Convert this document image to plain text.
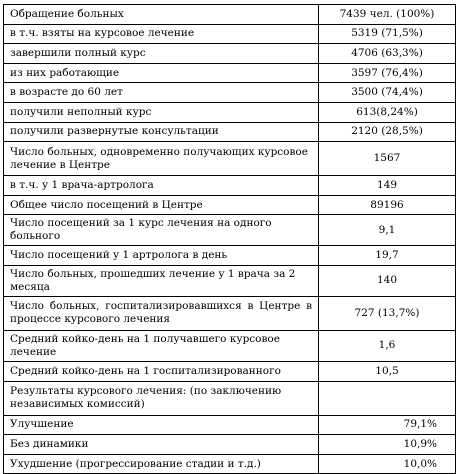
Обращение больных	7439 чел. (100%)
в т.ч. взяты на курсовое лечение	5319 (71,5%)
завершили полный курс	4706 (63,3%)
из них работающие	3597 (76,4%)
в возрасте до 60 лет	3500 (74,4%)
получили неполный курс	613(8,24%)
получили развернутые консультации	2120 (28,5%)
Число больных, одновременно получающих курсовое лечение в Центре	1567
в т.ч. у 1 врача-артролога	149
Общее число посещений в Центре	89196
Число посещений за 1 курс лечения на одного больного	9,1
Число посещений у 1 артролога в день	19,7
Число больных, прошедших лечение у 1 врача за 2 месяца	140
Число больных, госпитализировавшихся в Центре в процессе курсового лечения	727 (13,7%)
Средний койко-день на 1 получавшего курсовое лечение	1,6
Средний койко-день на 1 госпитализированного	10,5
Результаты курсового лечения: (по заключению независимых комиссий)	
Улучшение	79,1%
Без динамики	10,9%
Ухудшение (прогрессирование стадии и т.д.)	10,0%
